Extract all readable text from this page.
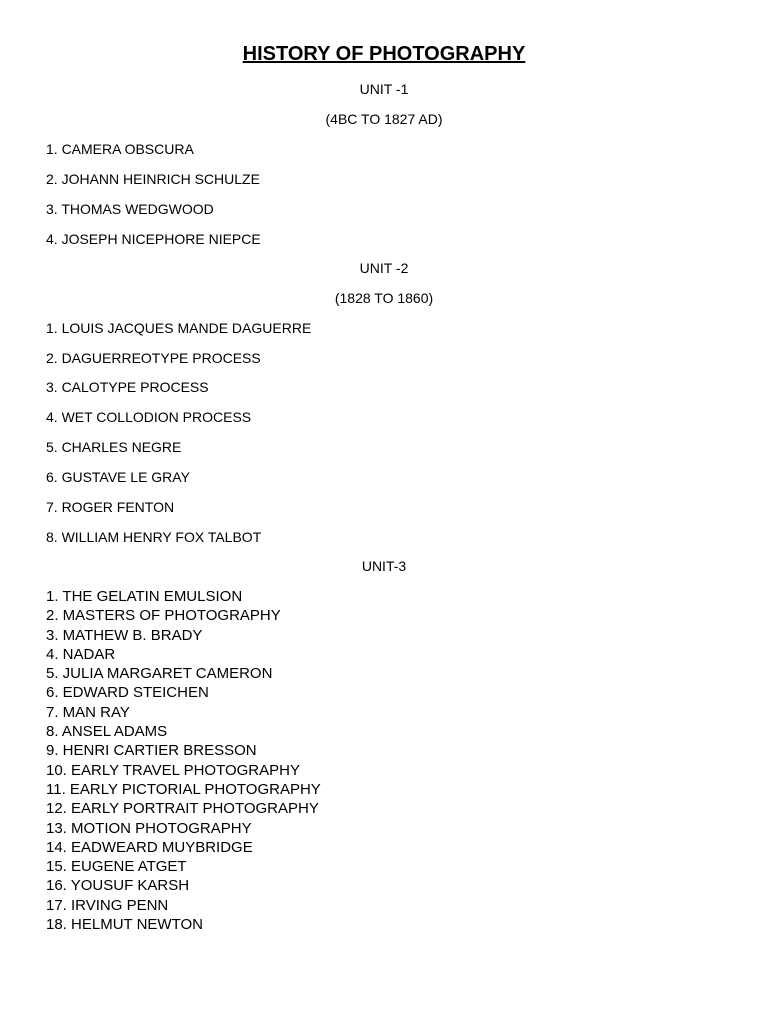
HISTORY OF PHOTOGRAPHY
UNIT -1
(4BC TO 1827 AD)
1. CAMERA OBSCURA
2. JOHANN HEINRICH SCHULZE
3. THOMAS WEDGWOOD
4. JOSEPH NICEPHORE NIEPCE
UNIT -2
(1828 TO 1860)
1. LOUIS JACQUES MANDE DAGUERRE
2. DAGUERREOTYPE PROCESS
3. CALOTYPE PROCESS
4. WET COLLODION PROCESS
5. CHARLES NEGRE
6. GUSTAVE LE GRAY
7. ROGER FENTON
8. WILLIAM HENRY FOX TALBOT
UNIT-3
1. THE GELATIN EMULSION
2. MASTERS OF PHOTOGRAPHY
3. MATHEW B. BRADY
4. NADAR
5. JULIA MARGARET CAMERON
6. EDWARD STEICHEN
7. MAN RAY
8. ANSEL ADAMS
9. HENRI CARTIER BRESSON
10. EARLY TRAVEL PHOTOGRAPHY
11. EARLY PICTORIAL PHOTOGRAPHY
12. EARLY PORTRAIT PHOTOGRAPHY
13. MOTION PHOTOGRAPHY
14. EADWEARD MUYBRIDGE
15. EUGENE ATGET
16. YOUSUF KARSH
17. IRVING PENN
18. HELMUT NEWTON
